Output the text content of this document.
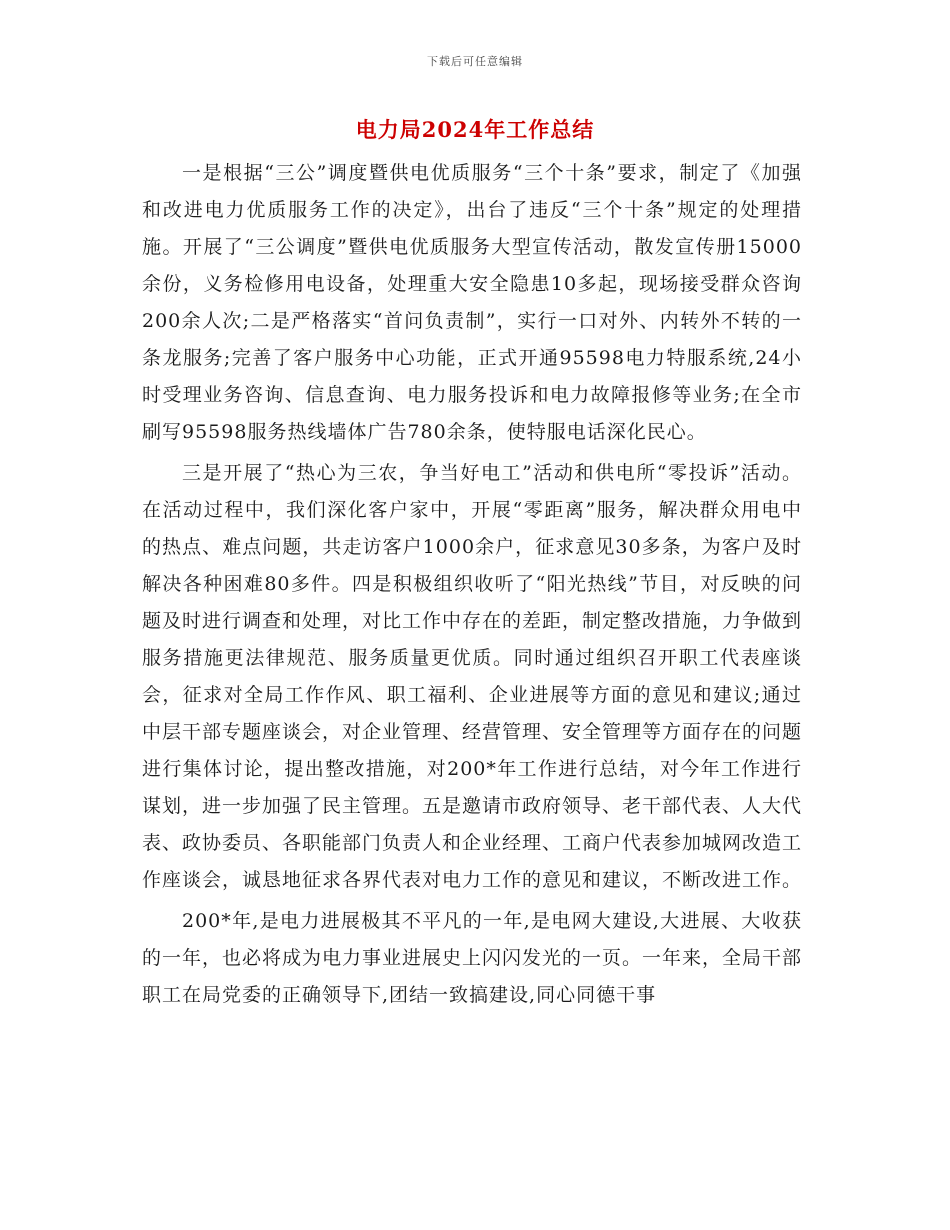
下载后可任意编辑
电力局2024年工作总结

一是根据“三公”调度暨供电优质服务“三个十条”要求，制定了《加强和改进电力优质服务工作的决定》，出台了违反“三个十条”规定的处理措施。开展了“三公调度”暨供电优质服务大型宣传活动，散发宣传册15000余份，义务检修用电设备，处理重大安全隐患10多起，现场接受群众咨询200余人次;二是严格落实“首问负责制”，实行一口对外、内转外不转的一条龙服务;完善了客户服务中心功能，正式开通95598电力特服系统,24小时受理业务咨询、信息查询、电力服务投诉和电力故障报修等业务;在全市刷写95598服务热线墙体广告780余条，使特服电话深化民心。

三是开展了“热心为三农，争当好电工”活动和供电所“零投诉”活动。在活动过程中，我们深化客户家中，开展“零距离”服务，解决群众用电中的热点、难点问题，共走访客户1000余户，征求意见30多条，为客户及时解决各种困难80多件。四是积极组织收听了“阳光热线”节目，对反映的问题及时进行调查和处理，对比工作中存在的差距，制定整改措施，力争做到服务措施更法律规范、服务质量更优质。同时通过组织召开职工代表座谈会，征求对全局工作作风、职工福利、企业进展等方面的意见和建议;通过中层干部专题座谈会，对企业管理、经营管理、安全管理等方面存在的问题进行集体讨论，提出整改措施，对200*年工作进行总结，对今年工作进行谋划，进一步加强了民主管理。五是邀请市政府领导、老干部代表、人大代表、政协委员、各职能部门负责人和企业经理、工商户代表参加城网改造工作座谈会，诚恳地征求各界代表对电力工作的意见和建议，不断改进工作。

200*年,是电力进展极其不平凡的一年,是电网大建设,大进展、大收获的一年，也必将成为电力事业进展史上闪闪发光的一页。一年来，全局干部职工在局党委的正确领导下,团结一致搞建设,同心同德干事
